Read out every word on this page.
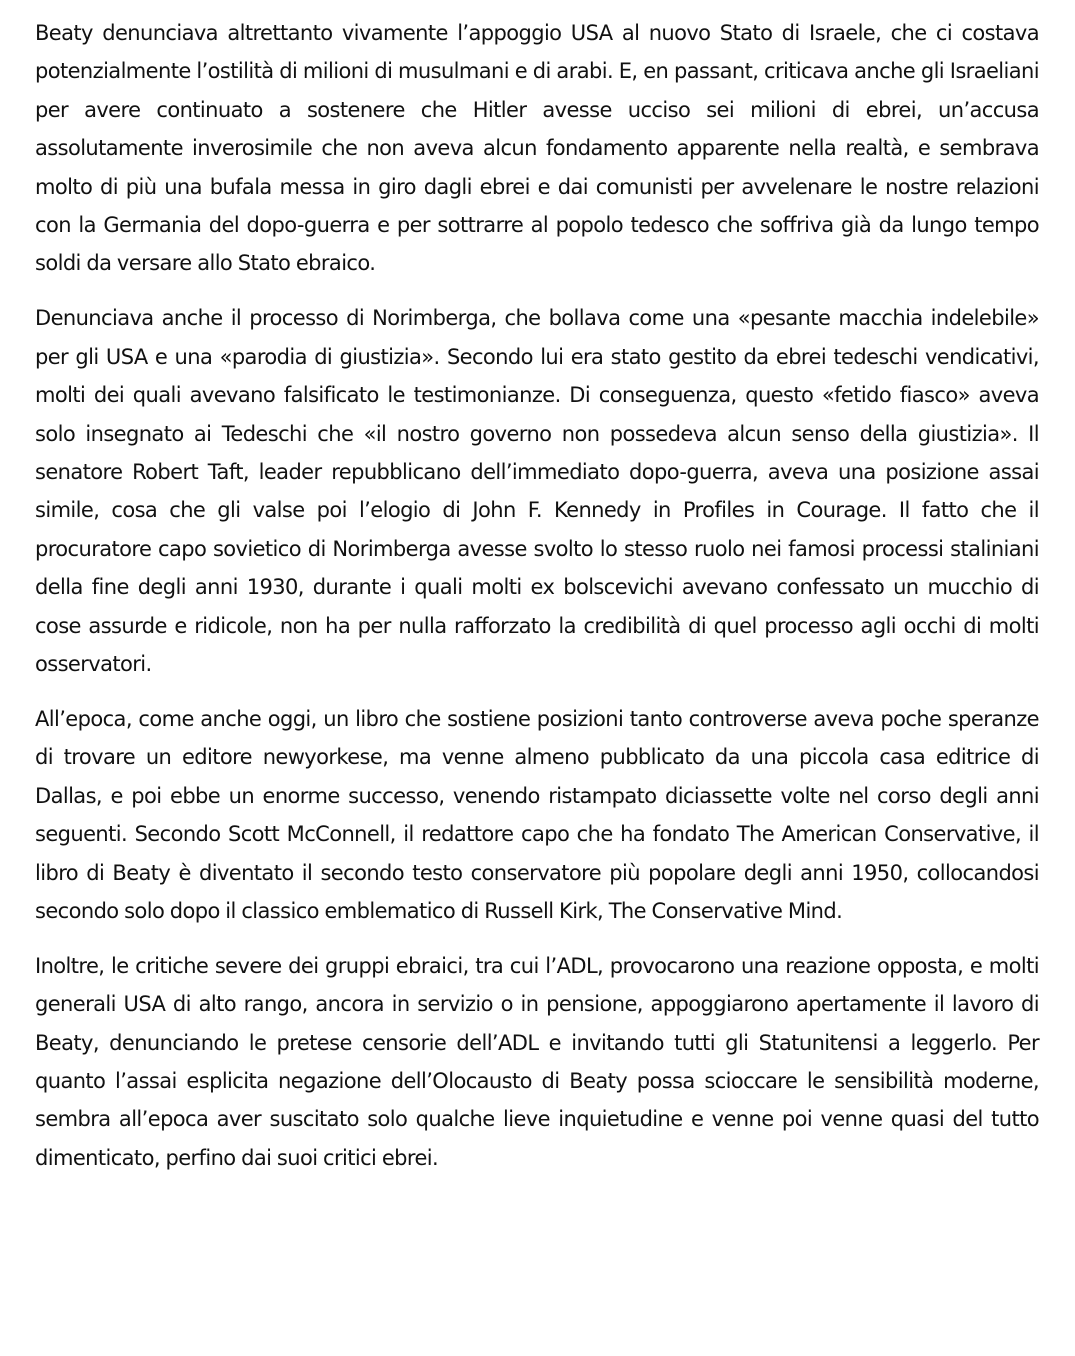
Beaty denunciava altrettanto vivamente l’appoggio USA al nuovo Stato di Israele, che ci costava potenzialmente l’ostilità di milioni di musulmani e di arabi. E, en passant, criticava anche gli Israeliani per avere continuato a sostenere che Hitler avesse ucciso sei milioni di ebrei, un’accusa assolutamente inverosimile che non aveva alcun fondamento apparente nella realtà, e sembrava molto di più una bufala messa in giro dagli ebrei e dai comunisti per avvelenare le nostre relazioni con la Germania del dopo-guerra e per sottrarre al popolo tedesco che soffriva già da lungo tempo soldi da versare allo Stato ebraico.

Denunciava anche il processo di Norimberga, che bollava come una «pesante macchia indelebile» per gli USA e una «parodia di giustizia». Secondo lui era stato gestito da ebrei tedeschi vendicativi, molti dei quali avevano falsificato le testimonianze. Di conseguenza, questo «fetido fiasco» aveva solo insegnato ai Tedeschi che «il nostro governo non possedeva alcun senso della giustizia». Il senatore Robert Taft, leader repubblicano dell’immediato dopo-guerra, aveva una posizione assai simile, cosa che gli valse poi l’elogio di John F. Kennedy in Profiles in Courage. Il fatto che il procuratore capo sovietico di Norimberga avesse svolto lo stesso ruolo nei famosi processi staliniani della fine degli anni 1930, durante i quali molti ex bolscevichi avevano confessato un mucchio di cose assurde e ridicole, non ha per nulla rafforzato la credibilità di quel processo agli occhi di molti osservatori.

All’epoca, come anche oggi, un libro che sostiene posizioni tanto controverse aveva poche speranze di trovare un editore newyorkese, ma venne almeno pubblicato da una piccola casa editrice di Dallas, e poi ebbe un enorme successo, venendo ristampato diciassette volte nel corso degli anni seguenti. Secondo Scott McConnell, il redattore capo che ha fondato The American Conservative, il libro di Beaty è diventato il secondo testo conservatore più popolare degli anni 1950, collocandosi secondo solo dopo il classico emblematico di Russell Kirk, The Conservative Mind.

Inoltre, le critiche severe dei gruppi ebraici, tra cui l’ADL, provocarono una reazione opposta, e molti generali USA di alto rango, ancora in servizio o in pensione, appoggiarono apertamente il lavoro di Beaty, denunciando le pretese censorie dell’ADL e invitando tutti gli Statunitensi a leggerlo. Per quanto l’assai esplicita negazione dell’Olocausto di Beaty possa scioccare le sensibilità moderne, sembra all’epoca aver suscitato solo qualche lieve inquietudine e venne poi venne quasi del tutto dimenticato, perfino dai suoi critici ebrei.
